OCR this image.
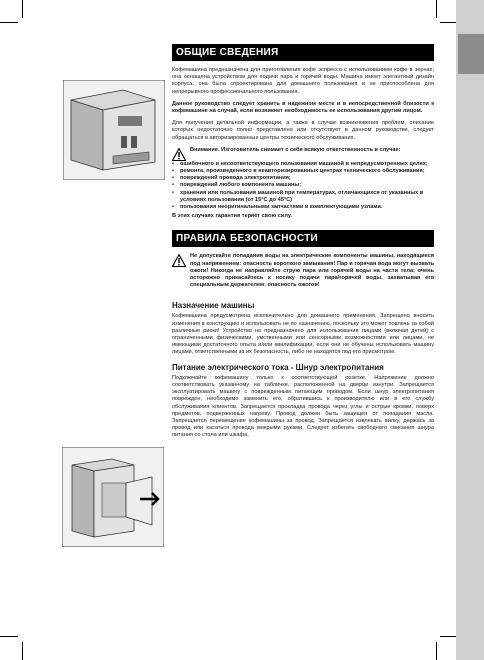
ОБЩИЕ СВЕДЕНИЯ

Кофемашина предназначена для приготовления кофе эспрессо с использованием кофе в зернах; она оснащена устройством для подачи пара и горячей воды. Машина имеет элегантный дизайн корпуса, она была спроектирована для домашнего пользования и не приспособлена для непрерывного профессионального пользования.

Данное руководство следует хранить в надежном месте и в непосредственной близости к кофемашине на случай, если возникнет необходимость ее использования другим лицом.

Для получения детальной информации, а также в случае возникновения проблем, описание которых недостаточно полно представлено или отсутствует в данном руководстве, следует обращаться в авторизированные центры технического обслуживания.

Внимание. Изготовитель снимает с себя всякую ответственность в случае:

• ошибочного и несоответствующего пользования машиной в непредусмотренных целях;
• ремонта, произведенного в неавторизированных центрах технического обслуживания;
• повреждений провода электропитания;
• повреждений любого компонента машины;
• хранения или пользования машиной при температурах, отличающихся от указанных в условиях пользования (от 15°C до 45°C)
• пользования неоригинальными запчастями и комплектующими узлами.

В этих случаях гарантия теряет свою силу.

ПРАВИЛА БЕЗОПАСНОСТИ

Не допускайте попадания воды на электрические компоненты машины, находящиеся под напряжением: опасность короткого замыкания! Пар и горячая вода могут вызвать ожоги! Никогда не направляйте струю пара или горячей воды на части тела; очень осторожно прикасайтесь к носику подачи пара/горячей воды, захватывая его специальным держателем: опасность ожогов!

Назначение машины

Кофемашина предусмотрена исключительно для домашнего применения. Запрещено вносить изменения в конструкцию и использовать не по назначению, поскольку это может повлечь за собой различные риски! Устройство не предназначено для использования лицами (включая детей) с ограниченными физическими, умственными или сенсорными возможностями или лицами, не имеющими достаточного опыта и/или квалификации, если они не обучены использовать машину лицами, ответственными за их безопасность, либо не находятся под его присмотром.

Питание электрического тока - Шнур электропитания

Подключайте кофемашину только к соответствующей розетке. Напряжение должно соответствовать указанному на табличке, расположенной на дверце изнутри. Запрещается эксплуатировать машину с поврежденным питающим проводом. Если шнур электропитания поврежден, необходимо заменить его, обратившись к производителю или в его службу обслуживания клиентов. Запрещается прокладка провода через углы и острые кромки, поверх предметов, подверженных нагреву. Провод должен быть защищен от попадания масла. Запрещается перемещение кофемашины за провод. Запрещается извлекать вилку, держась за провод или касаться провода мокрыми руками. Следует избегать свободного свисания шнура питания со стола или шкафа.
